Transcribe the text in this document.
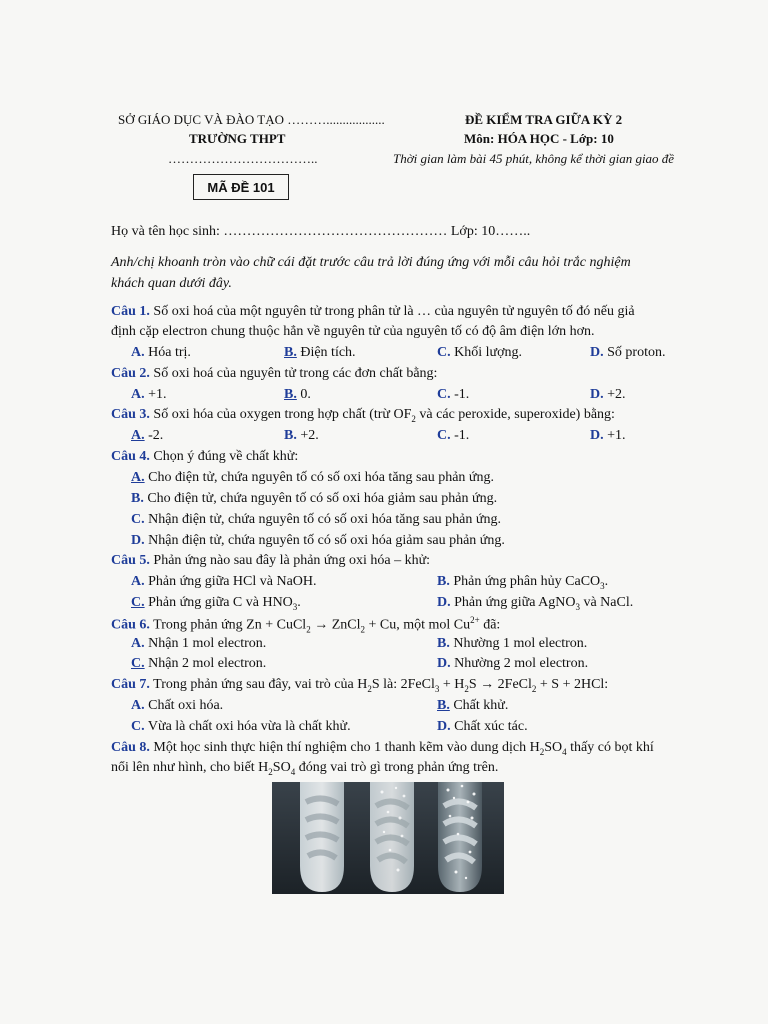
SỞ GIÁO DỤC VÀ ĐÀO TẠO ………..................
TRƯỜNG THPT
……………………………..
ĐỀ KIỂM TRA GIỮA KỲ 2
Môn: HÓA HỌC - Lớp: 10
Thời gian làm bài 45 phút, không kể thời gian giao đề
MÃ ĐỀ 101
Họ và tên học sinh: ………………………………………… Lớp: 10……..
Anh/chị khoanh tròn vào chữ cái đặt trước câu trả lời đúng ứng với mỗi câu hỏi trắc nghiệm
khách quan dưới đây.
Câu 1. Số oxi hoá của một nguyên tử trong phân tử là … của nguyên tử nguyên tố đó nếu giả
định cặp electron chung thuộc hẳn về nguyên tử của nguyên tố có độ âm điện lớn hơn.
A. Hóa trị.	B. Điện tích.	C. Khối lượng.	D. Số proton.
Câu 2. Số oxi hoá của nguyên tử trong các đơn chất bằng:
A. +1.	B. 0.	C. -1.	D. +2.
Câu 3. Số oxi hóa của oxygen trong hợp chất (trừ $OF_2$ và các peroxide, superoxide) bằng:
A. -2.	B. +2.	C. -1.	D. +1.
Câu 4. Chọn ý đúng về chất khử:
A. Cho điện tử, chứa nguyên tố có số oxi hóa tăng sau phản ứng.
B. Cho điện tử, chứa nguyên tố có số oxi hóa giảm sau phản ứng.
C. Nhận điện tử, chứa nguyên tố có số oxi hóa tăng sau phản ứng.
D. Nhận điện tử, chứa nguyên tố có số oxi hóa giảm sau phản ứng.
Câu 5. Phản ứng nào sau đây là phản ứng oxi hóa – khử:
A. Phản ứng giữa HCl và NaOH.	B. Phản ứng phân hủy CaCO$_3$.
C. Phản ứng giữa C và $HNO_3$.	D. Phản ứng giữa AgNO$_3$ và NaCl.
Câu 6. Trong phản ứng Zn + CuCl$_2$ → ZnCl$_2$ + Cu, một mol $Cu^{2+}$ đã:
A. Nhận 1 mol electron.	B. Nhường 1 mol electron.
C. Nhận 2 mol electron.	D. Nhường 2 mol electron.
Câu 7. Trong phản ứng sau đây, vai trò của $H_2S$ là: 2FeCl$_3$ + $H_2S$ → 2FeCl$_2$ + S + 2HCl:
A. Chất oxi hóa.	B. Chất khử.
C. Vừa là chất oxi hóa vừa là chất khử.	D. Chất xúc tác.
Câu 8. Một học sinh thực hiện thí nghiệm cho 1 thanh kẽm vào dung dịch $H_2SO_4$ thấy có bọt khí
nổi lên như hình, cho biết $H_2SO_4$ đóng vai trò gì trong phản ứng trên.
